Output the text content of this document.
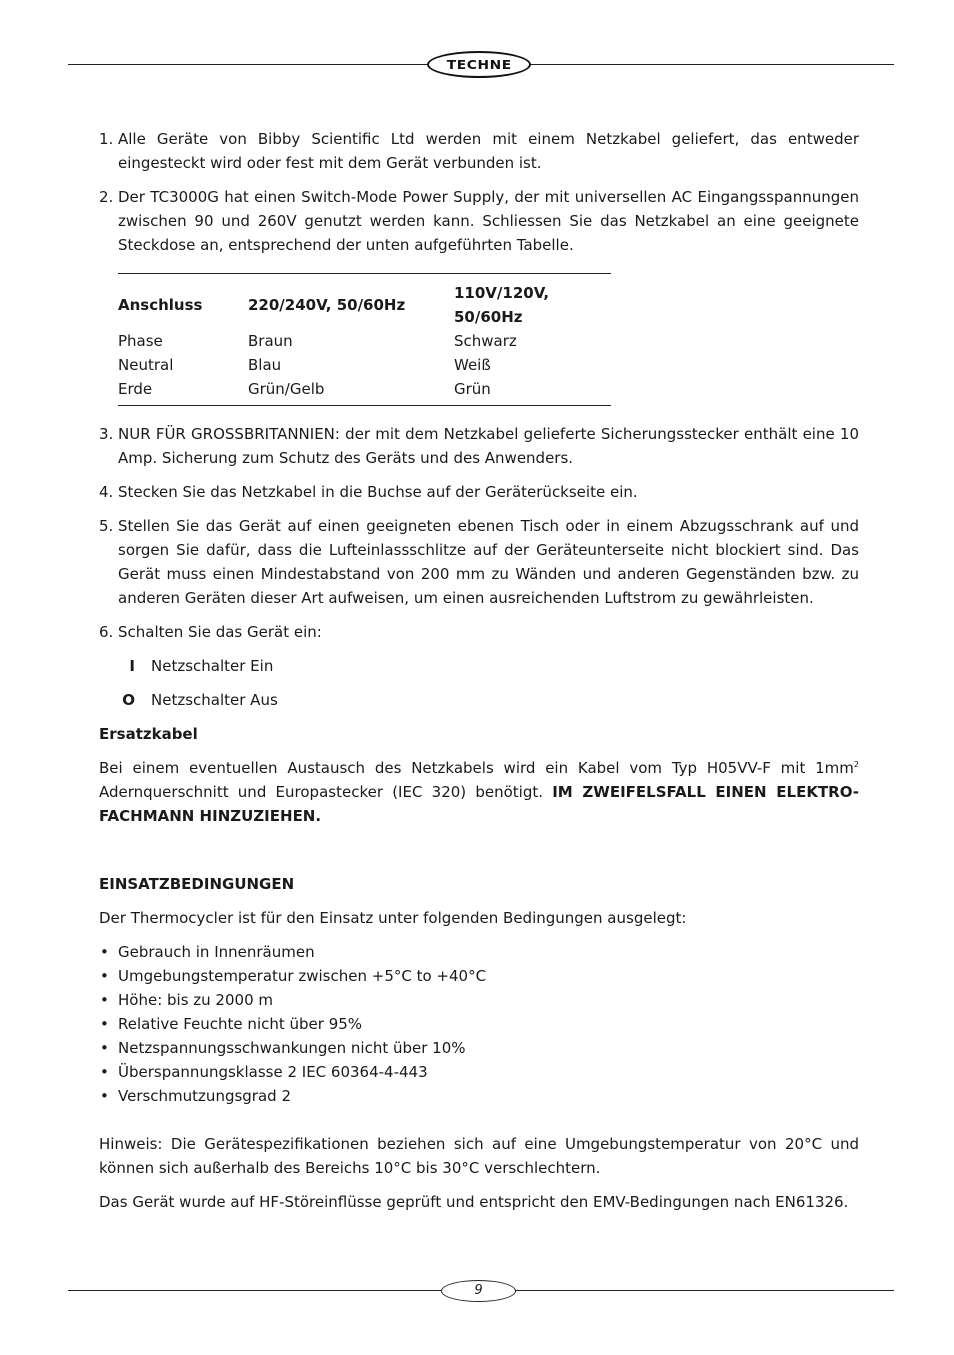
TECHNE
1. Alle Geräte von Bibby Scientific Ltd werden mit einem Netzkabel geliefert, das entweder eingesteckt wird oder fest mit dem Gerät verbunden ist.
2. Der TC3000G hat einen Switch-Mode Power Supply, der mit universellen AC Eingangsspannungen zwischen 90 und 260V genutzt werden kann. Schliessen Sie das Netzkabel an eine geeignete Steckdose an, entsprechend der unten aufgeführten Tabelle.
Anschluss	220/240V, 50/60Hz	110V/120V, 50/60Hz
Phase	Braun	Schwarz
Neutral	Blau	Weiß
Erde	Grün/Gelb	Grün
3. NUR FÜR GROSSBRITANNIEN: der mit dem Netzkabel gelieferte Sicherungsstecker enthält eine 10 Amp. Sicherung zum Schutz des Geräts und des Anwenders.
4. Stecken Sie das Netzkabel in die Buchse auf der Geräterückseite ein.
5. Stellen Sie das Gerät auf einen geeigneten ebenen Tisch oder in einem Abzugsschrank auf und sorgen Sie dafür, dass die Lufteinlassschlitze auf der Geräteunterseite nicht blockiert sind. Das Gerät muss einen Mindestabstand von 200 mm zu Wänden und anderen Gegenständen bzw. zu anderen Geräten dieser Art aufweisen, um einen ausreichenden Luftstrom zu gewährleisten.
6. Schalten Sie das Gerät ein:
I Netzschalter Ein
O Netzschalter Aus
Ersatzkabel
Bei einem eventuellen Austausch des Netzkabels wird ein Kabel vom Typ H05VV-F mit $1mm^2$ Adernquerschnitt und Europastecker (IEC 320) benötigt. IM ZWEIFELSFALL EINEN ELEKTRO-FACHMANN HINZUZIEHEN.
EINSATZBEDINGUNGEN
Der Thermocycler ist für den Einsatz unter folgenden Bedingungen ausgelegt:
• Gebrauch in Innenräumen
• Umgebungstemperatur zwischen +5°C to +40°C
• Höhe: bis zu 2000 m
• Relative Feuchte nicht über 95%
• Netzspannungsschwankungen nicht über 10%
• Überspannungsklasse 2 IEC 60364-4-443
• Verschmutzungsgrad 2
Hinweis: Die Gerätespezifikationen beziehen sich auf eine Umgebungstemperatur von 20°C und können sich außerhalb des Bereichs 10°C bis 30°C verschlechtern.
Das Gerät wurde auf HF-Störeinflüsse geprüft und entspricht den EMV-Bedingungen nach EN61326.
9
